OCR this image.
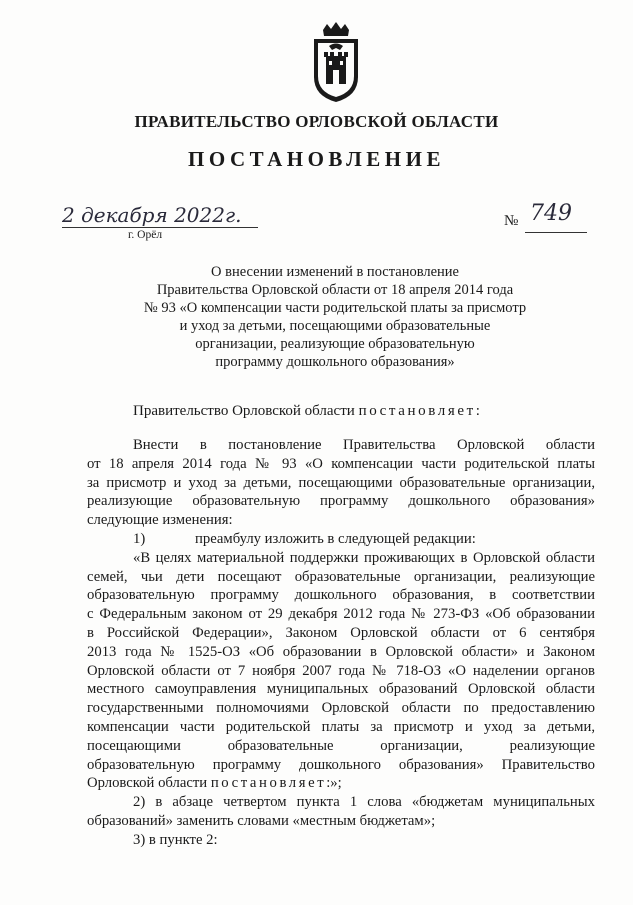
ПРАВИТЕЛЬСТВО ОРЛОВСКОЙ ОБЛАСТИ
ПОСТАНОВЛЕНИЕ
2 декабря 2022г.
г. Орёл
№ 749
О внесении изменений в постановление
Правительства Орловской области от 18 апреля 2014 года
№ 93 «О компенсации части родительской платы за присмотр
и уход за детьми, посещающими образовательные
организации, реализующие образовательную
программу дошкольного образования»
Правительство Орловской области постановляет:
Внести в постановление Правительства Орловской области
от 18 апреля 2014 года № 93 «О компенсации части родительской платы
за присмотр и уход за детьми, посещающими образовательные организации,
реализующие образовательную программу дошкольного образования»
следующие изменения:
1)	преамбулу изложить в следующей редакции:
«В целях материальной поддержки проживающих в Орловской области
семей, чьи дети посещают образовательные организации, реализующие
образовательную программу дошкольного образования, в соответствии
с Федеральным законом от 29 декабря 2012 года № 273-ФЗ «Об образовании
в Российской Федерации», Законом Орловской области от 6 сентября
2013 года № 1525-ОЗ «Об образовании в Орловской области» и Законом
Орловской области от 7 ноября 2007 года № 718-ОЗ «О наделении органов
местного самоуправления муниципальных образований Орловской области
государственными полномочиями Орловской области по предоставлению
компенсации части родительской платы за присмотр и уход за детьми,
посещающими образовательные организации, реализующие
образовательную программу дошкольного образования» Правительство
Орловской области постановляет:»;
2) в абзаце четвертом пункта 1 слова «бюджетам муниципальных
образований» заменить словами «местным бюджетам»;
3) в пункте 2:
